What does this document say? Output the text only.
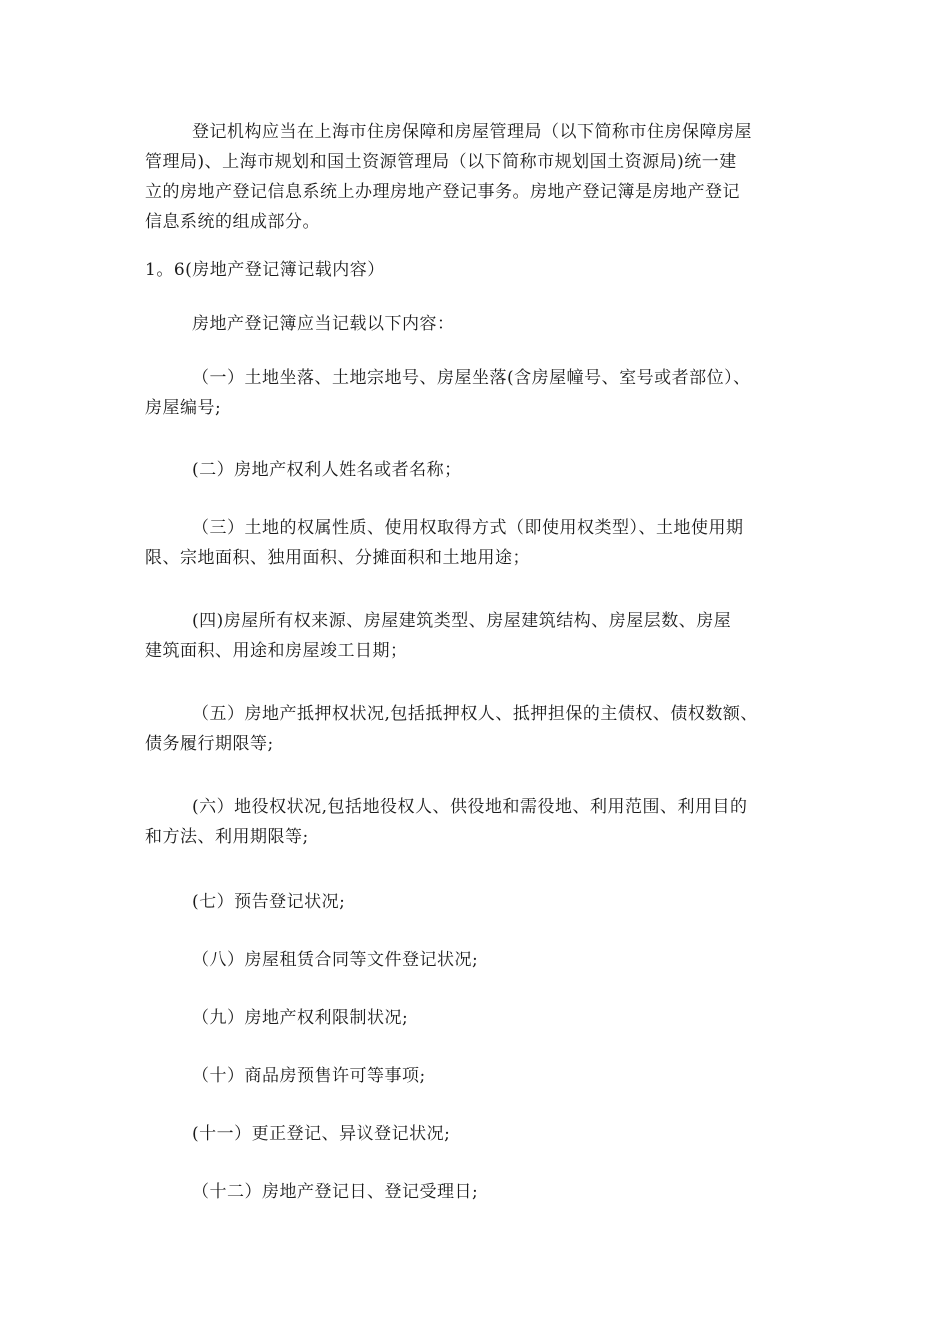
登记机构应当在上海市住房保障和房屋管理局（以下简称市住房保障房屋
管理局)、上海市规划和国土资源管理局（以下简称市规划国土资源局)统一建
立的房地产登记信息系统上办理房地产登记事务。房地产登记簿是房地产登记
信息系统的组成部分。
1。6(房地产登记簿记载内容）
房地产登记簿应当记载以下内容：
（一）土地坐落、土地宗地号、房屋坐落(含房屋幢号、室号或者部位）、
房屋编号;
(二）房地产权利人姓名或者名称；
（三）土地的权属性质、使用权取得方式（即使用权类型）、土地使用期
限、宗地面积、独用面积、分摊面积和土地用途；
(四)房屋所有权来源、房屋建筑类型、房屋建筑结构、房屋层数、房屋
建筑面积、用途和房屋竣工日期；
（五）房地产抵押权状况,包括抵押权人、抵押担保的主债权、债权数额、
债务履行期限等;
(六）地役权状况,包括地役权人、供役地和需役地、利用范围、利用目的
和方法、利用期限等;
(七）预告登记状况;
（八）房屋租赁合同等文件登记状况;
（九）房地产权利限制状况;
（十）商品房预售许可等事项;
(十一）更正登记、异议登记状况;
（十二）房地产登记日、登记受理日;
